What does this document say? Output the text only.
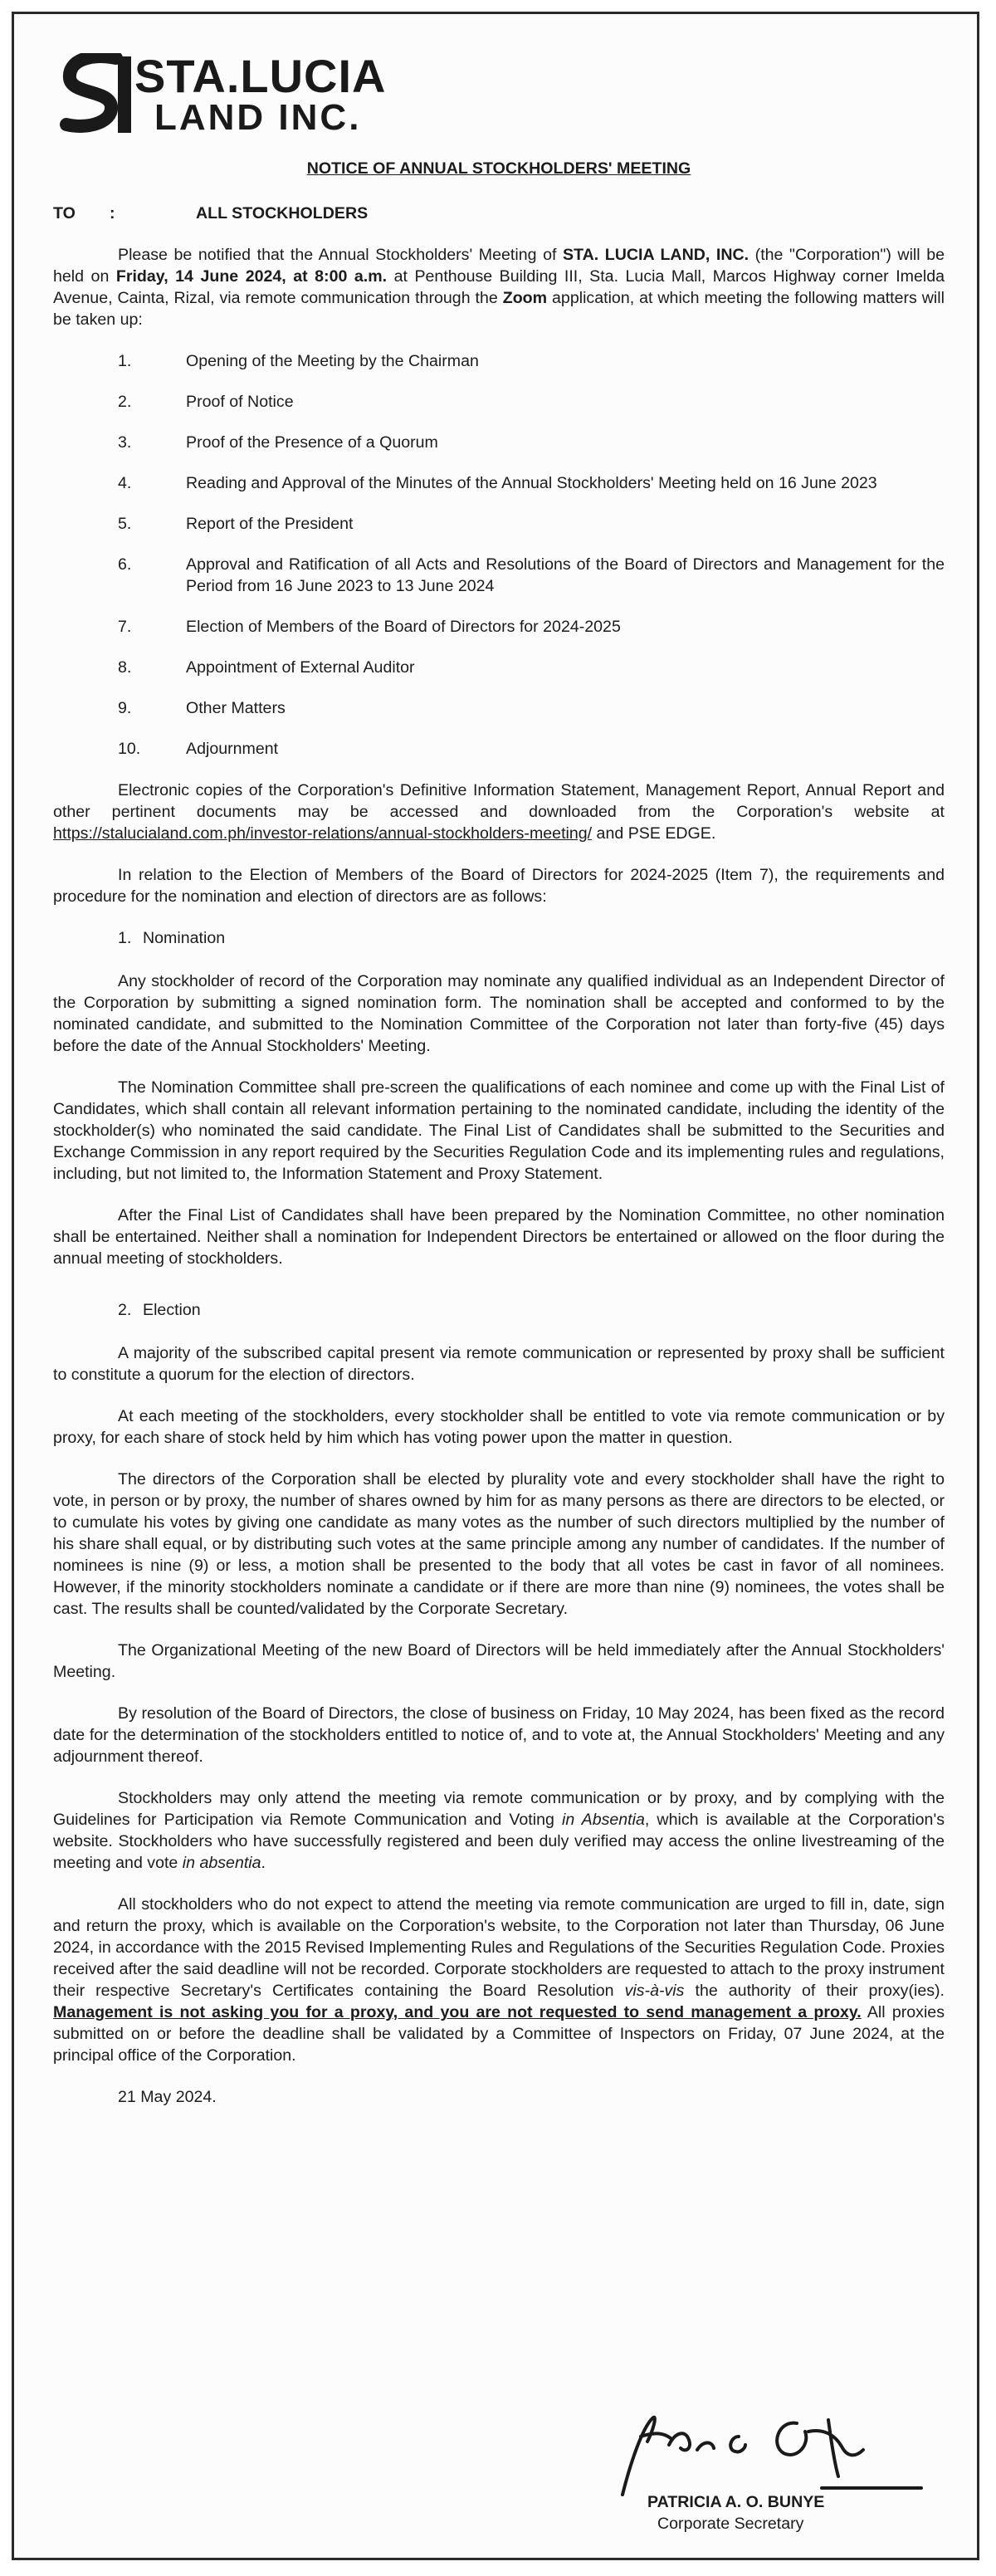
STA.LUCIA
LAND INC.
NOTICE OF ANNUAL STOCKHOLDERS' MEETING
TO :	ALL STOCKHOLDERS

Please be notified that the Annual Stockholders' Meeting of STA. LUCIA LAND, INC. (the "Corporation") will be held on Friday, 14 June 2024, at 8:00 a.m. at Penthouse Building III, Sta. Lucia Mall, Marcos Highway corner Imelda Avenue, Cainta, Rizal, via remote communication through the Zoom application, at which meeting the following matters will be taken up:

1.	Opening of the Meeting by the Chairman
2.	Proof of Notice
3.	Proof of the Presence of a Quorum
4.	Reading and Approval of the Minutes of the Annual Stockholders' Meeting held on 16 June 2023
5.	Report of the President
6.	Approval and Ratification of all Acts and Resolutions of the Board of Directors and Management for the Period from 16 June 2023 to 13 June 2024
7.	Election of Members of the Board of Directors for 2024-2025
8.	Appointment of External Auditor
9.	Other Matters
10.	Adjournment

Electronic copies of the Corporation's Definitive Information Statement, Management Report, Annual Report and other pertinent documents may be accessed and downloaded from the Corporation's website at https://stalucialand.com.ph/investor-relations/annual-stockholders-meeting/ and PSE EDGE.

In relation to the Election of Members of the Board of Directors for 2024-2025 (Item 7), the requirements and procedure for the nomination and election of directors are as follows:

1. Nomination

Any stockholder of record of the Corporation may nominate any qualified individual as an Independent Director of the Corporation by submitting a signed nomination form. The nomination shall be accepted and conformed to by the nominated candidate, and submitted to the Nomination Committee of the Corporation not later than forty-five (45) days before the date of the Annual Stockholders' Meeting.

The Nomination Committee shall pre-screen the qualifications of each nominee and come up with the Final List of Candidates, which shall contain all relevant information pertaining to the nominated candidate, including the identity of the stockholder(s) who nominated the said candidate. The Final List of Candidates shall be submitted to the Securities and Exchange Commission in any report required by the Securities Regulation Code and its implementing rules and regulations, including, but not limited to, the Information Statement and Proxy Statement.

After the Final List of Candidates shall have been prepared by the Nomination Committee, no other nomination shall be entertained. Neither shall a nomination for Independent Directors be entertained or allowed on the floor during the annual meeting of stockholders.

2. Election

A majority of the subscribed capital present via remote communication or represented by proxy shall be sufficient to constitute a quorum for the election of directors.

At each meeting of the stockholders, every stockholder shall be entitled to vote via remote communication or by proxy, for each share of stock held by him which has voting power upon the matter in question.

The directors of the Corporation shall be elected by plurality vote and every stockholder shall have the right to vote, in person or by proxy, the number of shares owned by him for as many persons as there are directors to be elected, or to cumulate his votes by giving one candidate as many votes as the number of such directors multiplied by the number of his share shall equal, or by distributing such votes at the same principle among any number of candidates. If the number of nominees is nine (9) or less, a motion shall be presented to the body that all votes be cast in favor of all nominees. However, if the minority stockholders nominate a candidate or if there are more than nine (9) nominees, the votes shall be cast. The results shall be counted/validated by the Corporate Secretary.

The Organizational Meeting of the new Board of Directors will be held immediately after the Annual Stockholders' Meeting.

By resolution of the Board of Directors, the close of business on Friday, 10 May 2024, has been fixed as the record date for the determination of the stockholders entitled to notice of, and to vote at, the Annual Stockholders' Meeting and any adjournment thereof.

Stockholders may only attend the meeting via remote communication or by proxy, and by complying with the Guidelines for Participation via Remote Communication and Voting in Absentia, which is available at the Corporation's website. Stockholders who have successfully registered and been duly verified may access the online livestreaming of the meeting and vote in absentia.

All stockholders who do not expect to attend the meeting via remote communication are urged to fill in, date, sign and return the proxy, which is available on the Corporation's website, to the Corporation not later than Thursday, 06 June 2024, in accordance with the 2015 Revised Implementing Rules and Regulations of the Securities Regulation Code. Proxies received after the said deadline will not be recorded. Corporate stockholders are requested to attach to the proxy instrument their respective Secretary's Certificates containing the Board Resolution vis-à-vis the authority of their proxy(ies). Management is not asking you for a proxy, and you are not requested to send management a proxy. All proxies submitted on or before the deadline shall be validated by a Committee of Inspectors on Friday, 07 June 2024, at the principal office of the Corporation.

21 May 2024.
PATRICIA A. O. BUNYE
Corporate Secretary
